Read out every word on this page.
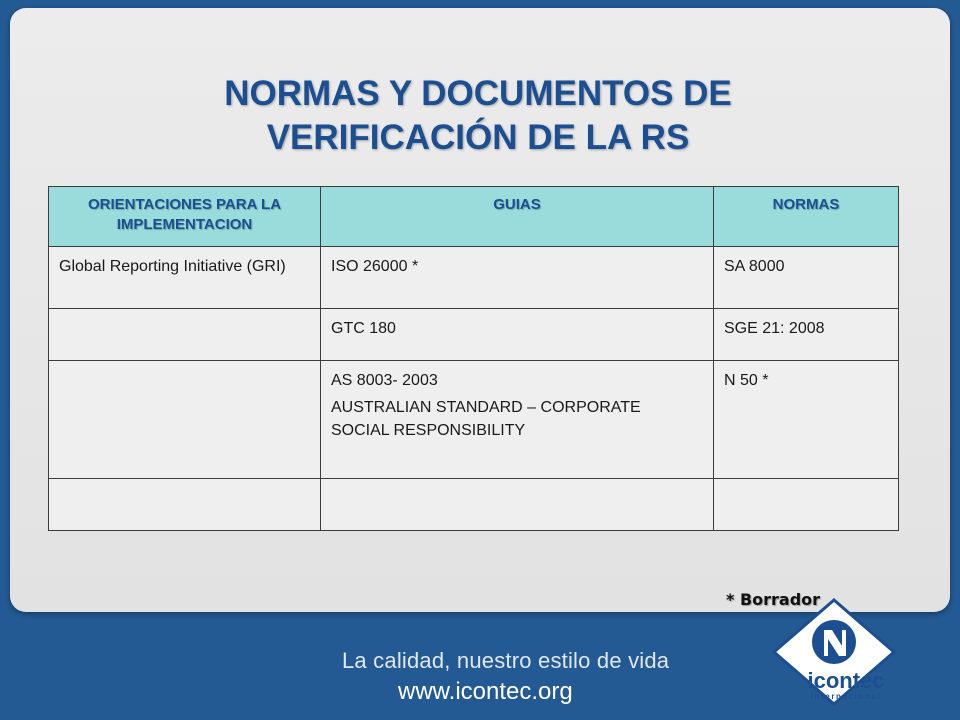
NORMAS Y DOCUMENTOS DE
VERIFICACIÓN DE LA RS
ORIENTACIONES PARA LA IMPLEMENTACION	GUIAS	NORMAS
Global Reporting Initiative (GRI)	ISO 26000 *	SA 8000

	GTC 180	SGE 21: 2008

	AS 8003- 2003
AUSTRALIAN STANDARD – CORPORATE SOCIAL RESPONSIBILITY	N 50 *

* Borrador
La calidad, nuestro estilo de vida
www.icontec.org	icontec
internacional
